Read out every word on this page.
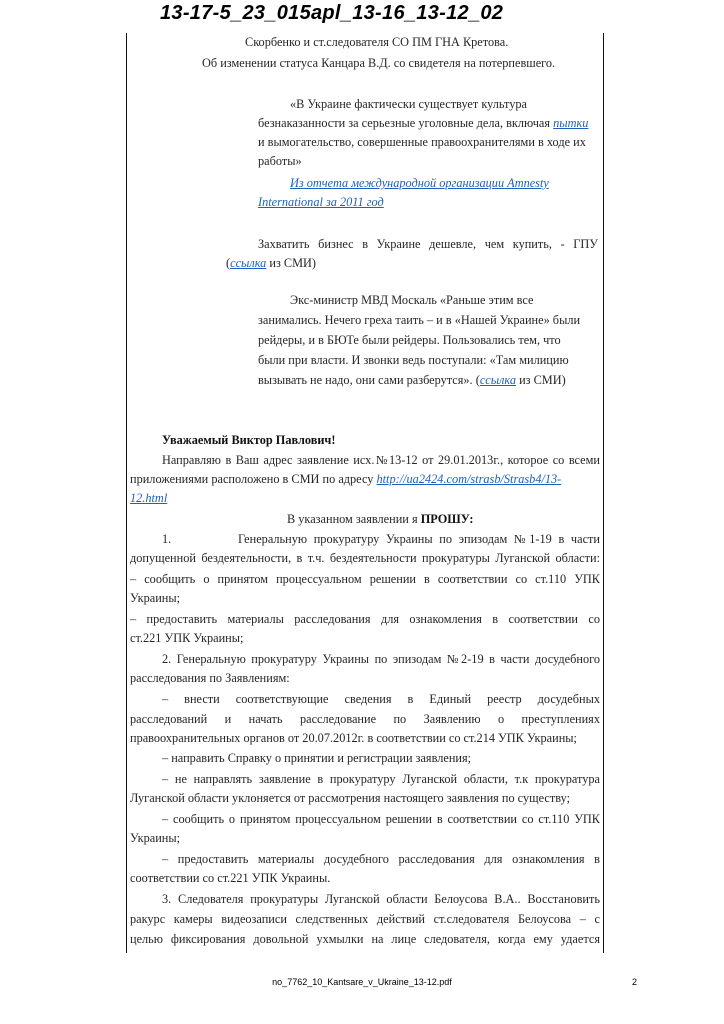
13-17-5_23_015apl_13-16_13-12_02
Скорбенко и ст.следователя СО ПМ ГНА Кретова.
Об изменении статуса Канцара В.Д. со свидетеля на потерпевшего.
«В Украине фактически существует культура
безнаказанности за серьезные уголовные дела, включая пытки
и вымогательство, совершенные правоохранителями в ходе их
работы»
Из отчета международной организации Amnesty
International за 2011 год
Захватить бизнес в Украине дешевле, чем купить, - ГПУ
(ссылка из СМИ)
Экс-министр МВД Москаль «Раньше этим все
занимались. Нечего греха таить – и в «Нашей Украине» были
рейдеры, и в БЮТе были рейдеры. Пользовались тем, что
были при власти. И звонки ведь поступали: «Там милицию
вызывать не надо, они сами разберутся». (ссылка из СМИ)
Уважаемый Виктор Павлович!
Направляю в Ваш адрес заявление исх.№13-12 от 29.01.2013г., которое со всеми
приложениями расположено в СМИ по адресу http://ua2424.com/strasb/Strasb4/13-
12.html
В указанном заявлении я ПРОШУ:
1.	Генеральную прокуратуру Украины по эпизодам №1-19 в части
допущенной бездеятельности, в т.ч. бездеятельности прокуратуры Луганской области:
– сообщить о принятом процессуальном решении в соответствии со ст.110 УПК
Украины;
– предоставить материалы расследования для ознакомления в соответствии со
ст.221 УПК Украины;
2. Генеральную прокуратуру Украины по эпизодам №2-19 в части досудебного
расследования по Заявлениям:
– внести соответствующие сведения в Единый реестр досудебных
расследований и начать расследование по Заявлению о преступлениях
правоохранительных органов от 20.07.2012г. в соответствии со ст.214 УПК Украины;
– направить Справку о принятии и регистрации заявления;
– не направлять заявление в прокуратуру Луганской области, т.к прокуратура
Луганской области уклоняется от рассмотрения настоящего заявления по существу;
– сообщить о принятом процессуальном решении в соответствии со ст.110 УПК
Украины;
– предоставить материалы досудебного расследования для ознакомления в
соответствии со ст.221 УПК Украины.
3. Следователя прокуратуры Луганской области Белоусова В.А.. Восстановить
ракурс камеры видеозаписи следственных действий ст.следователя Белоусова – с
целью фиксирования довольной ухмылки на лице следователя, когда ему удается
no_7762_10_Kantsare_v_Ukraine_13-12.pdf	2
